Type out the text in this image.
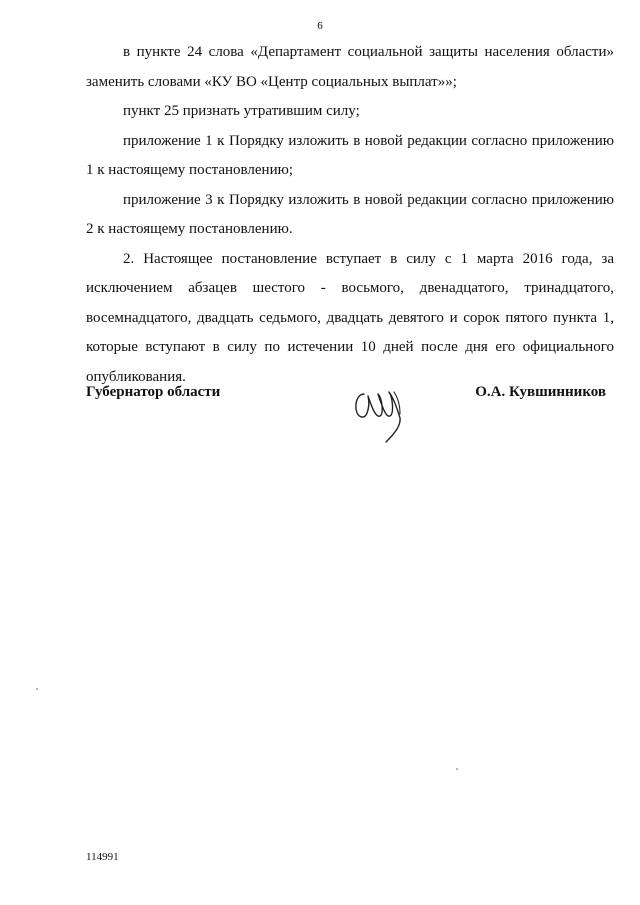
6

в пункте 24 слова «Департамент социальной защиты населения области» заменить словами «КУ ВО «Центр социальных выплат»»;

пункт 25 признать утратившим силу;

приложение 1 к Порядку изложить в новой редакции согласно приложению 1 к настоящему постановлению;

приложение 3 к Порядку изложить в новой редакции согласно приложению 2 к настоящему постановлению.

2. Настоящее постановление вступает в силу с 1 марта 2016 года, за исключением абзацев шестого - восьмого, двенадцатого, тринадцатого, восемнадцатого, двадцать седьмого, двадцать девятого и сорок пятого пункта 1, которые вступают в силу по истечении 10 дней после дня его официального опубликования.

Губернатор области	О.А. Кувшинников
114991
